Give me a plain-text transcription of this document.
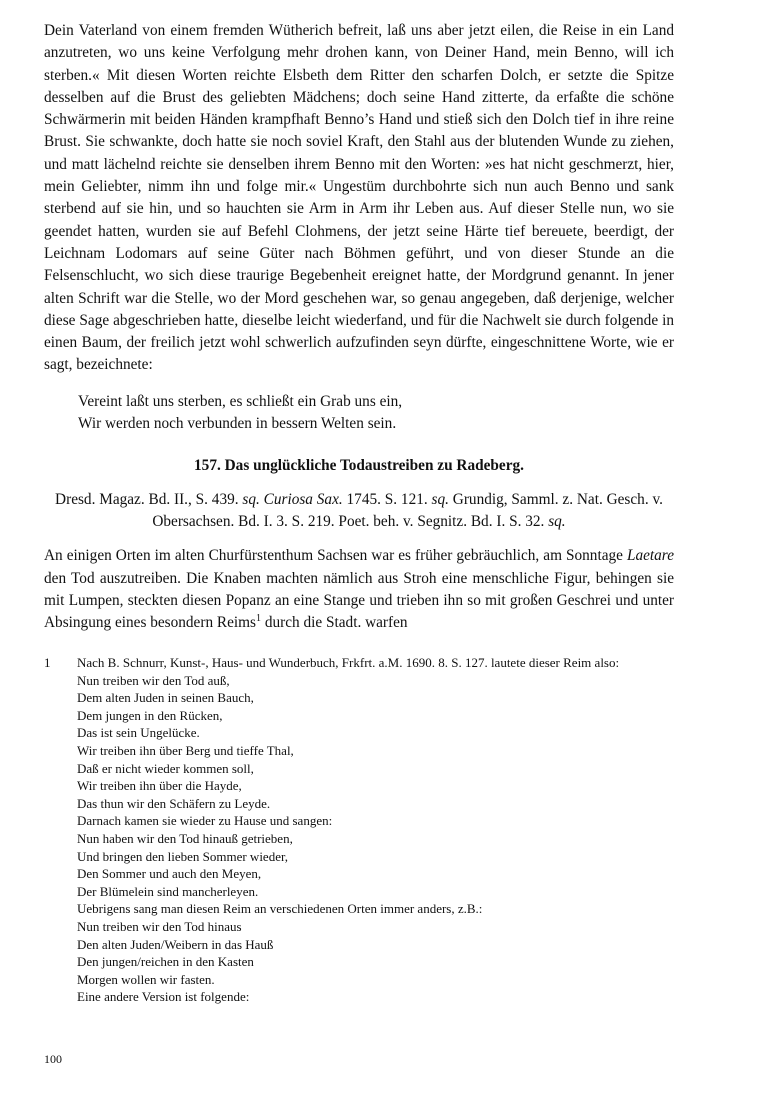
Dein Vaterland von einem fremden Wütherich befreit, laß uns aber jetzt eilen, die Reise in ein Land anzutreten, wo uns keine Verfolgung mehr drohen kann, von Deiner Hand, mein Benno, will ich sterben.« Mit diesen Worten reichte Elsbeth dem Ritter den scharfen Dolch, er setzte die Spitze desselben auf die Brust des geliebten Mädchens; doch seine Hand zitterte, da erfaßte die schöne Schwärmerin mit beiden Händen krampfhaft Benno’s Hand und stieß sich den Dolch tief in ihre reine Brust. Sie schwankte, doch hatte sie noch soviel Kraft, den Stahl aus der blutenden Wunde zu ziehen, und matt lächelnd reichte sie denselben ihrem Benno mit den Worten: »es hat nicht geschmerzt, hier, mein Geliebter, nimm ihn und folge mir.« Ungestüm durchbohrte sich nun auch Benno und sank sterbend auf sie hin, und so hauchten sie Arm in Arm ihr Leben aus. Auf dieser Stelle nun, wo sie geendet hatten, wurden sie auf Befehl Clohmens, der jetzt seine Härte tief bereuete, beerdigt, der Leichnam Lodomars auf seine Güter nach Böhmen geführt, und von dieser Stunde an die Felsenschlucht, wo sich diese traurige Begebenheit ereignet hatte, der Mordgrund genannt. In jener alten Schrift war die Stelle, wo der Mord geschehen war, so genau angegeben, daß derjenige, welcher diese Sage abgeschrieben hatte, dieselbe leicht wiederfand, und für die Nachwelt sie durch folgende in einen Baum, der freilich jetzt wohl schwerlich aufzufinden seyn dürfte, eingeschnittene Worte, wie er sagt, bezeichnete:

Vereint laßt uns sterben, es schließt ein Grab uns ein,
Wir werden noch verbunden in bessern Welten sein.
157. Das unglückliche Todaustreiben zu Radeberg.
Dresd. Magaz. Bd. II., S. 439. sq. Curiosa Sax. 1745. S. 121. sq. Grundig, Samml. z. Nat. Gesch. v. Obersachsen. Bd. I. 3. S. 219. Poet. beh. v. Segnitz. Bd. I. S. 32. sq.

An einigen Orten im alten Churfürstenthum Sachsen war es früher gebräuchlich, am Sonntage Laetare den Tod auszutreiben. Die Knaben machten nämlich aus Stroh eine menschliche Figur, behingen sie mit Lumpen, steckten diesen Popanz an eine Stange und trieben ihn so mit großen Geschrei und unter Absingung eines besondern Reims$^1$ durch die Stadt. warfen

1 Nach B. Schnurr, Kunst-, Haus- und Wunderbuch, Frkfrt. a.M. 1690. 8. S. 127. lautete dieser Reim also:
Nun treiben wir den Tod auß,
Dem alten Juden in seinen Bauch,
Dem jungen in den Rücken,
Das ist sein Ungelücke.
Wir treiben ihn über Berg und tieffe Thal,
Daß er nicht wieder kommen soll,
Wir treiben ihn über die Hayde,
Das thun wir den Schäfern zu Leyde.
Darnach kamen sie wieder zu Hause und sangen:
Nun haben wir den Tod hinauß getrieben,
Und bringen den lieben Sommer wieder,
Den Sommer und auch den Meyen,
Der Blümelein sind mancherleyen.
Uebrigens sang man diesen Reim an verschiedenen Orten immer anders, z.B.:
Nun treiben wir den Tod hinaus
Den alten Juden/Weibern in das Hauß
Den jungen/reichen in den Kasten
Morgen wollen wir fasten.
Eine andere Version ist folgende:
100
